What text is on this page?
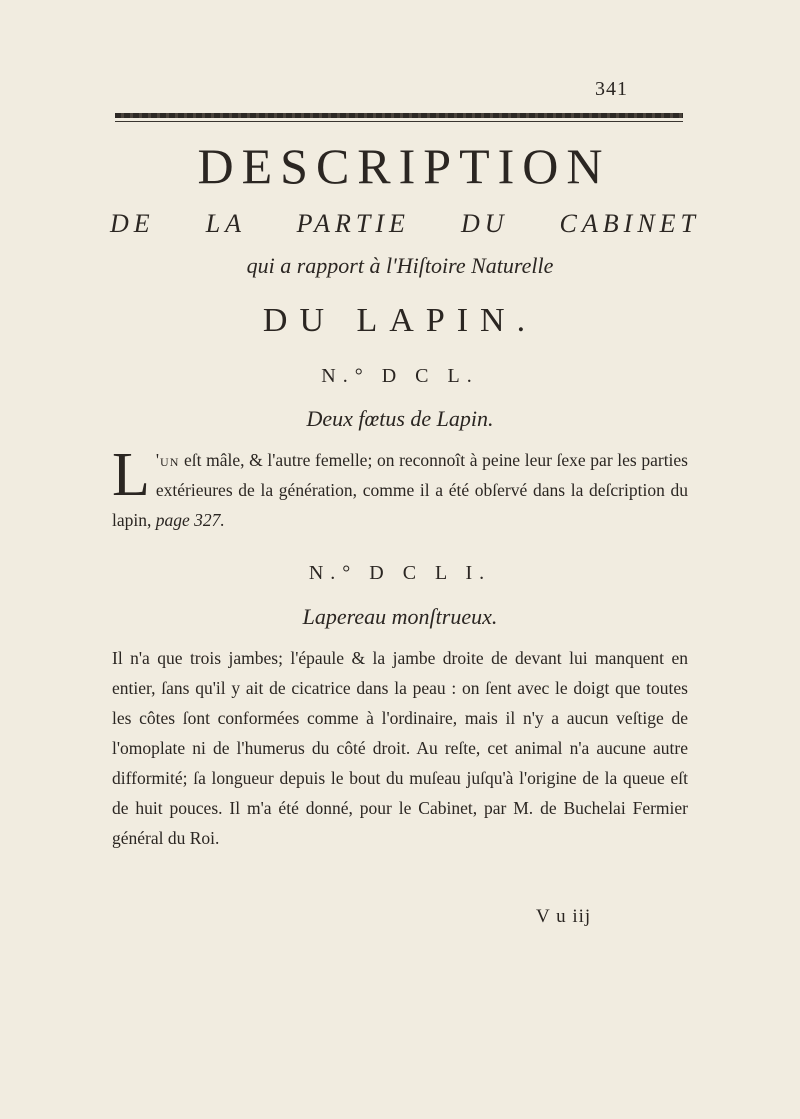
341
DESCRIPTION
DE LA PARTIE DU CABINET
qui a rapport à l'Hiſtoire Naturelle
DU LAPIN.
N.° D C L.
Deux fœtus de Lapin.
L 'un eſt mâle, & l'autre femelle; on reconnoît à peine leur ſexe par les parties extérieures de la génération, comme il a été obſervé dans la deſcription du lapin, page 327.
N.° D C L I.
Lapereau monſtrueux.
Il n'a que trois jambes; l'épaule & la jambe droite de devant lui manquent en entier, ſans qu'il y ait de cicatrice dans la peau : on ſent avec le doigt que toutes les côtes ſont conformées comme à l'ordinaire, mais il n'y a aucun veſtige de l'omoplate ni de l'humerus du côté droit. Au reſte, cet animal n'a aucune autre difformité; ſa longueur depuis le bout du muſeau juſqu'à l'origine de la queue eſt de huit pouces. Il m'a été donné, pour le Cabinet, par M. de Buchelai Fermier général du Roi.
V u iij
